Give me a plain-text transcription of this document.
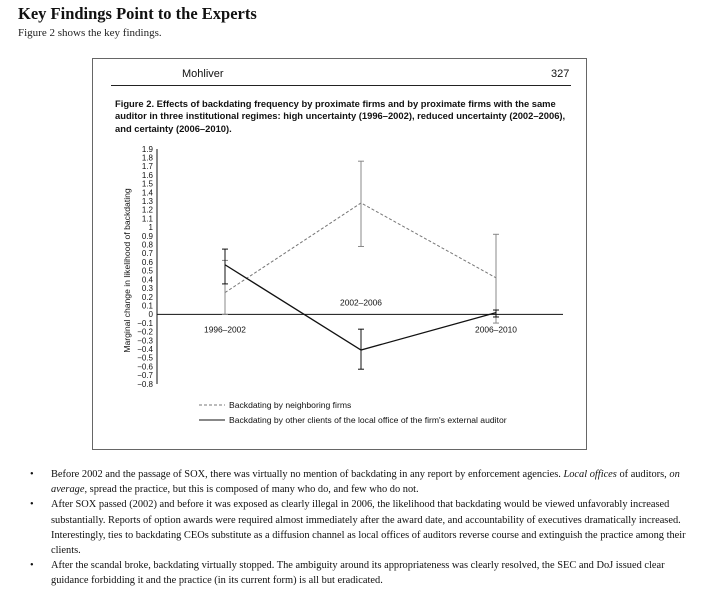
Key Findings Point to the Experts
Figure 2 shows the key findings.
Mohliver	327
Figure 2. Effects of backdating frequency by proximate firms and by proximate firms with the same auditor in three institutional regimes: high uncertainty (1996–2002), reduced uncertainty (2002–2006), and certainty (2006–2010).
1.9
1.8
1.7
1.6
1.5
1.4
1.3
1.2
1.1
1
0.9
0.8
0.7
0.6
0.5
0.4
0.3
0.2
0.1
0
−0.1
−0.2
−0.3
−0.4
−0.5
−0.6
−0.7
−0.8
Marginal change in likelihood of backdating	1996–2002
2002–2006
2006–2010
Backdating by neighboring firms
Backdating by other clients of the local office of the firm's external auditor
• Before 2002 and the passage of SOX, there was virtually no mention of backdating in any report by enforcement agencies. Local offices of auditors, on average, spread the practice, but this is composed of many who do, and few who do not.
• After SOX passed (2002) and before it was exposed as clearly illegal in 2006, the likelihood that backdating would be viewed unfavorably increased substantially. Reports of option awards were required almost immediately after the award date, and accountability of executives dramatically increased. Interestingly, ties to backdating CEOs substitute as a diffusion channel as local offices of auditors reverse course and extinguish the practice among their clients.
• After the scandal broke, backdating virtually stopped. The ambiguity around its appropriateness was clearly resolved, the SEC and DoJ issued clear guidance forbidding it and the practice (in its current form) is all but eradicated.
